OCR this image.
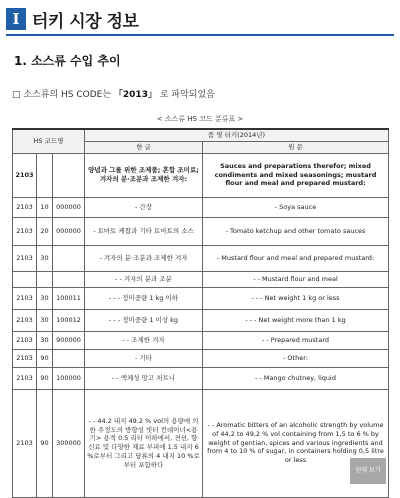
I 터키 시장 정보
1. 소스류 수입 추이
□ 소스류의 HS CODE는 「2013」 로 파악되었음
< 소스류 HS 코드 분류표 >
HS 코드명			품 명 터키(2014년)	
			한 글	원 문
2103			양념과 그를 위한 조제품; 혼합 조미료; 겨자의 분·조분과 조제한 겨자:	Sauces and preparations therefor; mixed condiments and mixed seasonings; mustard flour and meal and prepared mustard:
2103	10	000000	- 간장	- Soya sauce
2103	20	000000	- 토마토 케찹과 기타 토마토의 소스	- Tomato ketchup and other tomato sauces
2103	30		- 겨자의 분·조분과 조제한 겨자	- Mustard flour and meal and prepared mustard:
			- - 겨자의 분과 조분	- - Mustard flour and meal
2103	30	100011	- - - 정미중량 1 kg 이하	- - - Net weight 1 kg or less
2103	30	100012	- - - 정미중량 1 이상 kg	- - - Net weight more than 1 kg
2103	30	900000	- - 조제한 겨자	- - Prepared mustard
2103	90		- 기타	- Other:
2103	90	100000	- - 액체성 망고 처트니	- - Mango chutney, liquid
2103	90	300000	- - 44.2 내지 49.2 % vol의 용량에 의한 주정도의 방향성 빗터 컨데이너<용기> 용적 0.5 리터 이하에서, 젼션, 향신료 및 다양한 재료 부피에 1.5 내지 6 %로부터 그리고 담류의 4 내지 10 %로부터 포함하다	- - Aromatic bitters of an alcoholic strength by volume of 44,2 to 49,2 % vol containing from 1,5 to 6 % by weight of gentian, spices and various ingredients and from 4 to 10 % of sugar, in containers holding 0,5 litre or less
원래 보기
